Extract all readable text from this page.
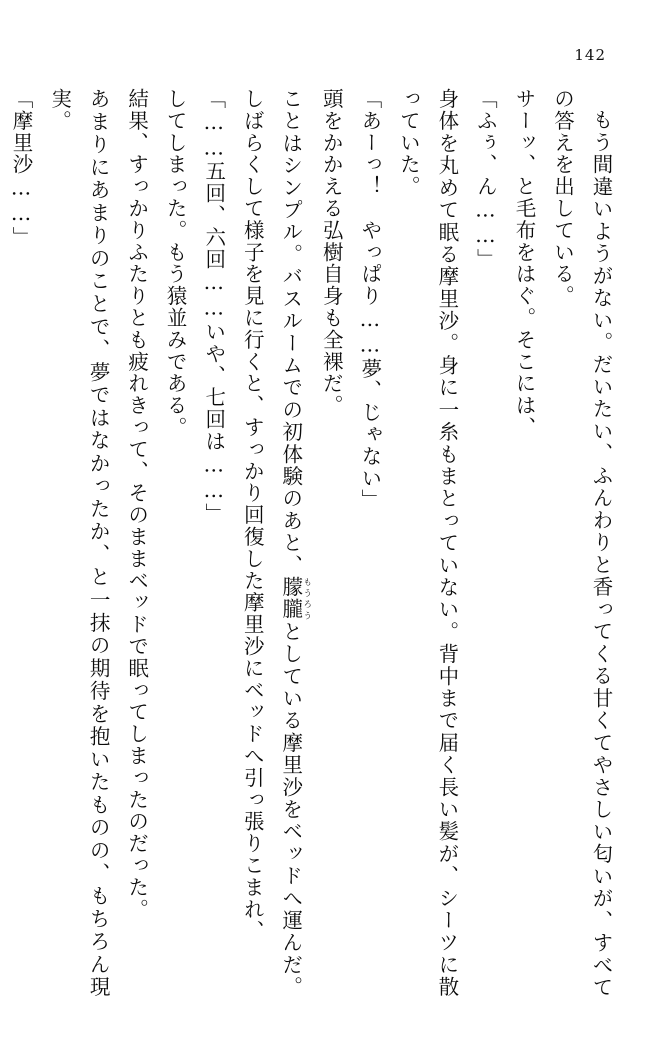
142

もう間違いようがない。だいたい、ふんわりと香ってくる甘くてやさしい匂いが、すべての答えを出している。

サーッ、と毛布をはぐ。そこには、

「ふぅ、ん……」

身体を丸めて眠る摩里沙。身に一糸もまとっていない。背中まで届く長い髪が、シーツに散っていた。

「あーっ！　やっぱり……夢、じゃない」

頭をかかえる弘樹自身も全裸だ。

ことはシンプル。バスルームでの初体験のあと、朦朧 もうろうとしている摩里沙をベッドへ運んだ。しばらくして様子を見に行くと、すっかり回復した摩里沙にベッドへ引っ張りこまれ、

「……五回、六回……いや、七回は……」

してしまった。もう猿並みである。

結果、すっかりふたりとも疲れきって、そのままベッドで眠ってしまったのだった。

あまりにあまりのことで、夢ではなかったか、と一抹の期待を抱いたものの、もちろん現実。

「摩里沙……」
